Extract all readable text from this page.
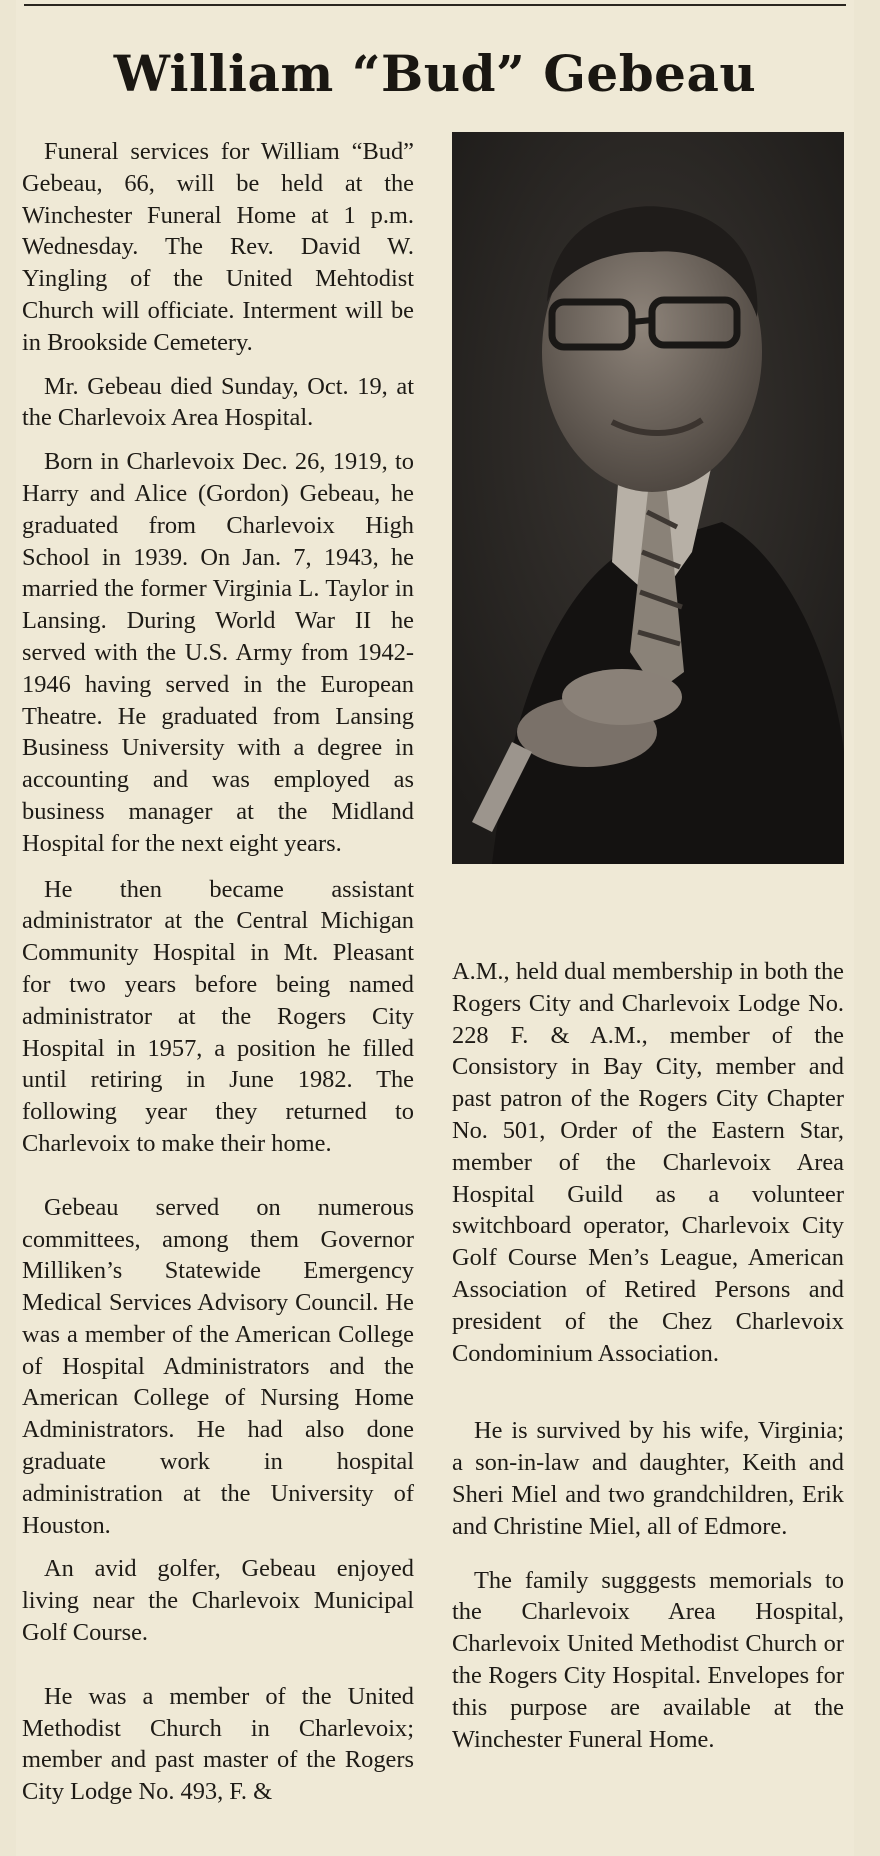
William “Bud” Gebeau

Funeral services for William “Bud” Gebeau, 66, will be held at the Winchester Funeral Home at 1 p.m. Wednesday. The Rev. David W. Yingling of the United Mehtodist Church will officiate. Interment will be in Brookside Cemetery.

Mr. Gebeau died Sunday, Oct. 19, at the Charlevoix Area Hospital.

Born in Charlevoix Dec. 26, 1919, to Harry and Alice (Gordon) Gebeau, he graduated from Charlevoix High School in 1939. On Jan. 7, 1943, he married the former Virginia L. Taylor in Lansing. During World War II he served with the U.S. Army from 1942-1946 having served in the European Theatre. He graduated from Lansing Business University with a degree in accounting and was employed as business manager at the Midland Hospital for the next eight years.

He then became assistant administrator at the Central Michigan Community Hospital in Mt. Pleasant for two years before being named administrator at the Rogers City Hospital in 1957, a position he filled until retiring in June 1982. The following year they returned to Charlevoix to make their home.

Gebeau served on numerous committees, among them Governor Milliken’s Statewide Emergency Medical Services Advisory Council. He was a member of the American College of Hospital Administrators and the American College of Nursing Home Administrators. He had also done graduate work in hospital administration at the University of Houston.

An avid golfer, Gebeau enjoyed living near the Charlevoix Municipal Golf Course.

He was a member of the United Methodist Church in Charlevoix; member and past master of the Rogers City Lodge No. 493, F. &

A.M., held dual membership in both the Rogers City and Charlevoix Lodge No. 228 F. & A.M., member of the Consistory in Bay City, member and past patron of the Rogers City Chapter No. 501, Order of the Eastern Star, member of the Charlevoix Area Hospital Guild as a volunteer switchboard operator, Charlevoix City Golf Course Men’s League, American Association of Retired Persons and president of the Chez Charlevoix Condominium Association.

He is survived by his wife, Virginia; a son-in-law and daughter, Keith and Sheri Miel and two grandchildren, Erik and Christine Miel, all of Edmore.

The family sugggests memorials to the Charlevoix Area Hospital, Charlevoix United Methodist Church or the Rogers City Hospital. Envelopes for this purpose are available at the Winchester Funeral Home.
